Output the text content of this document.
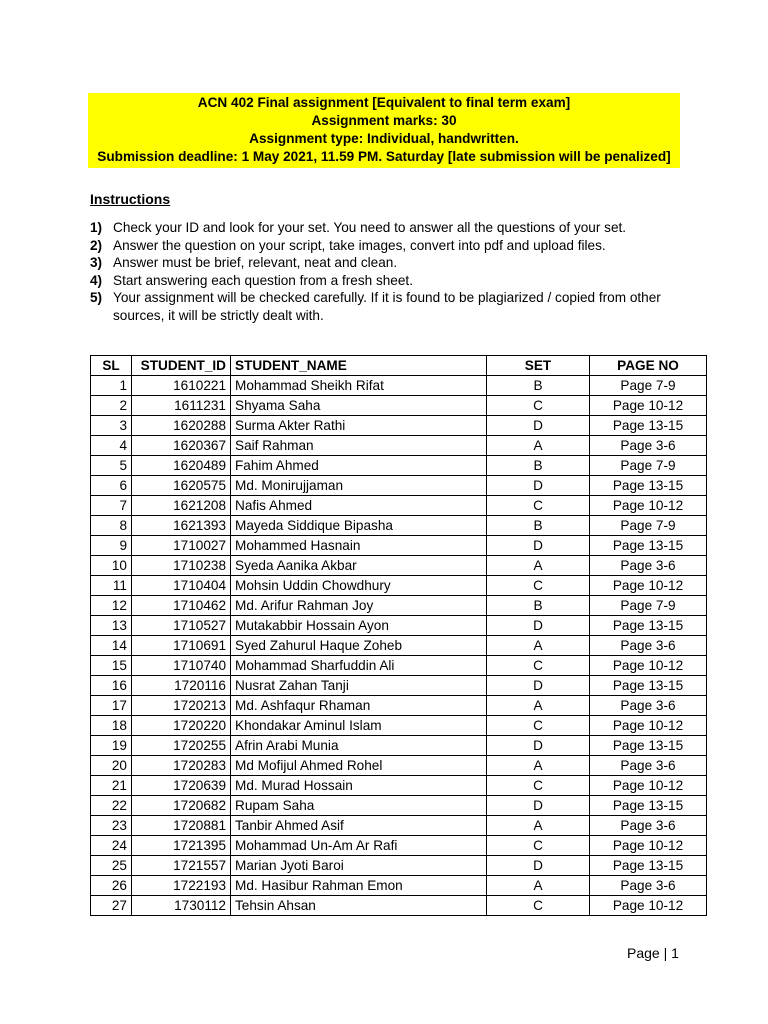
ACN 402 Final assignment [Equivalent to final term exam]
Assignment marks: 30
Assignment type: Individual, handwritten.
Submission deadline: 1 May 2021, 11.59 PM. Saturday [late submission will be penalized]
Instructions
1) Check your ID and look for your set. You need to answer all the questions of your set.
2) Answer the question on your script, take images, convert into pdf and upload files.
3) Answer must be brief, relevant, neat and clean.
4) Start answering each question from a fresh sheet.
5) Your assignment will be checked carefully. If it is found to be plagiarized / copied from other sources, it will be strictly dealt with.
SL	STUDENT_ID	STUDENT_NAME	SET	PAGE NO
1	1610221	Mohammad Sheikh Rifat	B	Page 7-9
2	1611231	Shyama Saha	C	Page 10-12
3	1620288	Surma Akter Rathi	D	Page 13-15
4	1620367	Saif Rahman	A	Page 3-6
5	1620489	Fahim Ahmed	B	Page 7-9
6	1620575	Md. Monirujjaman	D	Page 13-15
7	1621208	Nafis Ahmed	C	Page 10-12
8	1621393	Mayeda Siddique Bipasha	B	Page 7-9
9	1710027	Mohammed Hasnain	D	Page 13-15
10	1710238	Syeda Aanika Akbar	A	Page 3-6
11	1710404	Mohsin Uddin Chowdhury	C	Page 10-12
12	1710462	Md. Arifur Rahman Joy	B	Page 7-9
13	1710527	Mutakabbir Hossain Ayon	D	Page 13-15
14	1710691	Syed Zahurul Haque Zoheb	A	Page 3-6
15	1710740	Mohammad Sharfuddin Ali	C	Page 10-12
16	1720116	Nusrat Zahan Tanji	D	Page 13-15
17	1720213	Md. Ashfaqur Rhaman	A	Page 3-6
18	1720220	Khondakar Aminul Islam	C	Page 10-12
19	1720255	Afrin Arabi Munia	D	Page 13-15
20	1720283	Md Mofijul Ahmed Rohel	A	Page 3-6
21	1720639	Md. Murad Hossain	C	Page 10-12
22	1720682	Rupam Saha	D	Page 13-15
23	1720881	Tanbir Ahmed Asif	A	Page 3-6
24	1721395	Mohammad Un-Am Ar Rafi	C	Page 10-12
25	1721557	Marian Jyoti Baroi	D	Page 13-15
26	1722193	Md. Hasibur Rahman Emon	A	Page 3-6
27	1730112	Tehsin Ahsan	C	Page 10-12
Page | 1
